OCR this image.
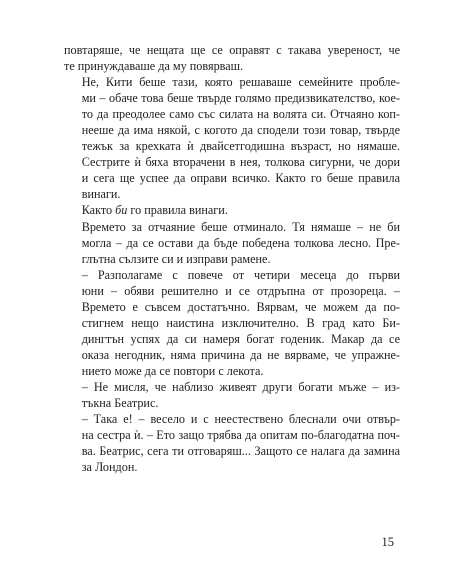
повтаряше, че нещата ще се оправят с такава увереност, че
те принуждаваше да му повярваш.

Не, Кити беше тази, която решаваше семейните пробле-
ми – обаче това беше твърде голямо предизвикателство, кое-
то да преодолее само със силата на волята си. Отчаяно коп-
нееше да има някой, с когото да сподели този товар, твърде
тежък за крехката ѝ двайсетгодишна възраст, но нямаше.
Сестрите ѝ бяха вторачени в нея, толкова сигурни, че дори
и сега ще успее да оправи всичко. Както го беше правила
винаги.

Както би го правила винаги.

Времето за отчаяние беше отминало. Тя нямаше – не би
могла – да се остави да бъде победена толкова лесно. Пре-
глътна сълзите си и изправи рамене.

– Разполагаме с повече от четири месеца до първи
юни – обяви решително и се отдръпна от прозореца. –
Времето е съвсем достатъчно. Вярвам, че можем да по-
стигнем нещо наистина изключително. В град като Би-
дингтън успях да си намеря богат годеник. Макар да се
оказа негодник, няма причина да не вярваме, че упражне-
нието може да се повтори с лекота.

– Не мисля, че наблизо живеят други богати мъже – из-
тъкна Беатрис.

– Така е! – весело и с неестествено блеснали очи отвър-
на сестра ѝ. – Ето защо трябва да опитам по-благодатна поч-
ва. Беатрис, сега ти отговаряш... Защото се налага да замина
за Лондон.

15
